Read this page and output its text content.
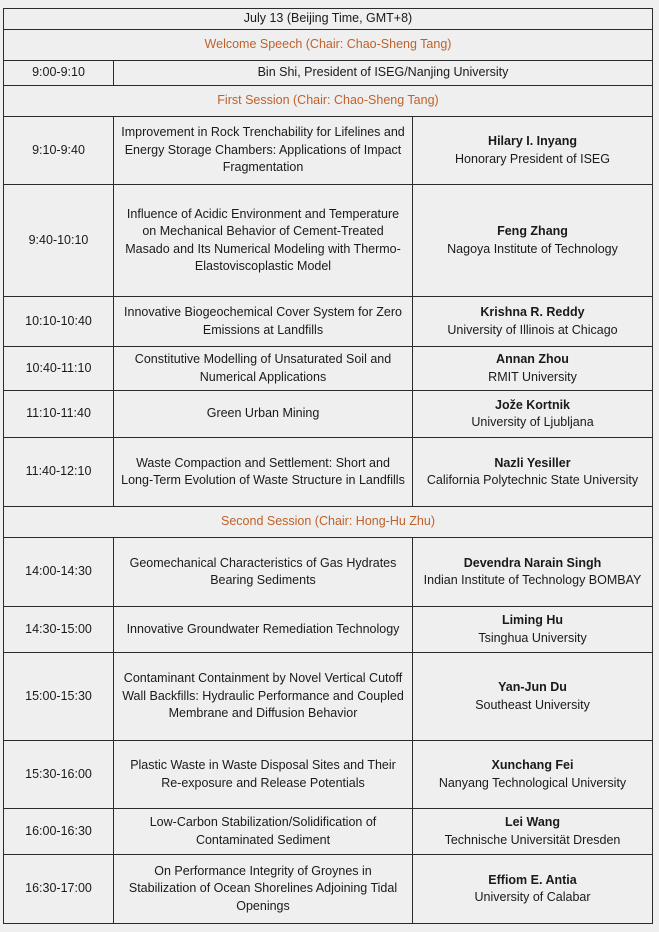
July 13 (Beijing Time, GMT+8)		
Welcome Speech (Chair: Chao-Sheng Tang)		
9:00-9:10	Bin Shi, President of ISEG/Nanjing University	
First Session (Chair: Chao-Sheng Tang)		
9:10-9:40	Improvement in Rock Trenchability for Lifelines and Energy Storage Chambers: Applications of Impact Fragmentation	Hilary I. Inyang
Honorary President of ISEG

9:40-10:10	Influence of Acidic Environment and Temperature on Mechanical Behavior of Cement-Treated Masado and Its Numerical Modeling with Thermo-Elastoviscoplastic Model	Feng Zhang
Nagoya Institute of Technology

10:10-10:40	Innovative Biogeochemical Cover System for Zero Emissions at Landfills	Krishna R. Reddy
University of Illinois at Chicago

10:40-11:10	Constitutive Modelling of Unsaturated Soil and Numerical Applications	Annan Zhou
RMIT University

11:10-11:40	Green Urban Mining	Jože Kortnik
University of Ljubljana

11:40-12:10	Waste Compaction and Settlement: Short and Long-Term Evolution of Waste Structure in Landfills	Nazli Yesiller
California Polytechnic State University

Second Session (Chair: Hong-Hu Zhu)		
14:00-14:30	Geomechanical Characteristics of Gas Hydrates Bearing Sediments	Devendra Narain Singh
Indian Institute of Technology BOMBAY

14:30-15:00	Innovative Groundwater Remediation Technology	Liming Hu
Tsinghua University

15:00-15:30	Contaminant Containment by Novel Vertical Cutoff Wall Backfills: Hydraulic Performance and Coupled Membrane and Diffusion Behavior	Yan-Jun Du
Southeast University

15:30-16:00	Plastic Waste in Waste Disposal Sites and Their Re-exposure and Release Potentials	Xunchang Fei
Nanyang Technological University

16:00-16:30	Low-Carbon Stabilization/Solidification of Contaminated Sediment	Lei Wang
Technische Universität Dresden

16:30-17:00	On Performance Integrity of Groynes in Stabilization of Ocean Shorelines Adjoining Tidal Openings	Effiom E. Antia
University of Calabar
